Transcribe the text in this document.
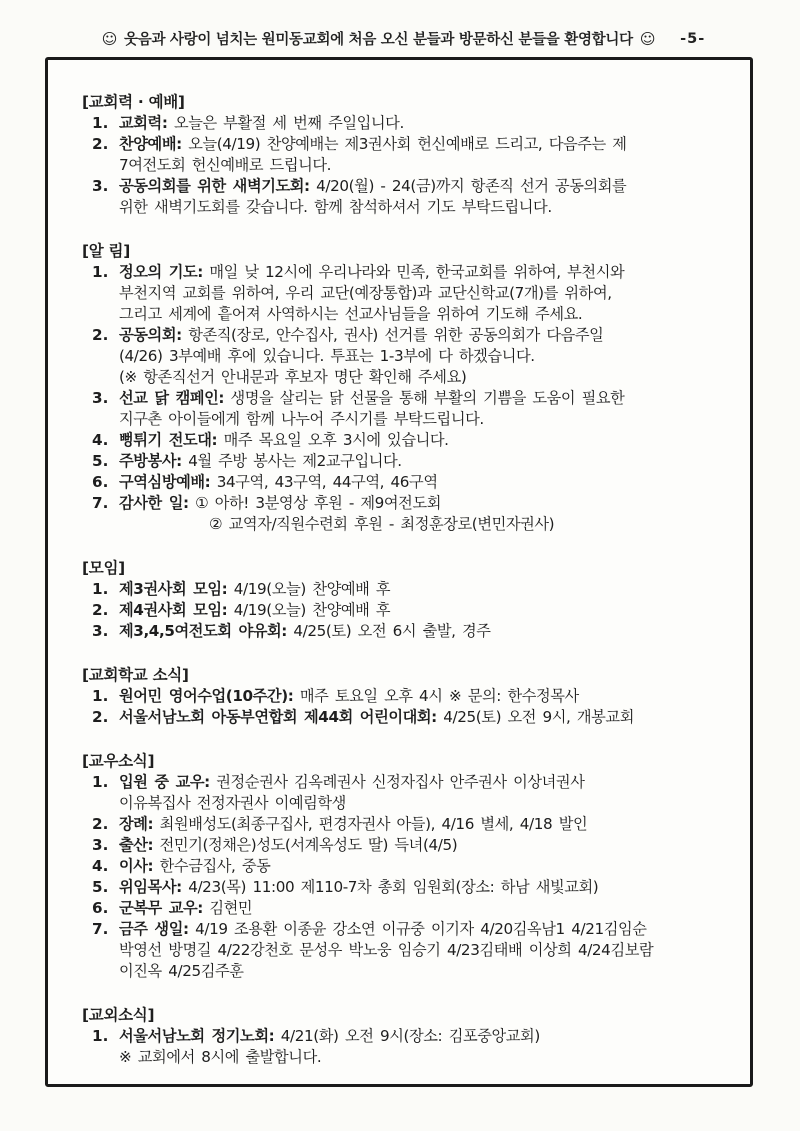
☺ 웃음과 사랑이 넘치는 원미동교회에 처음 오신 분들과 방문하신 분들을 환영합니다 ☺ -5-
[교회력 · 예배]
1. 교회력: 오늘은 부활절 세 번째 주일입니다.
2. 찬양예배: 오늘(4/19) 찬양예배는 제3권사회 헌신예배로 드리고, 다음주는 제
7여전도회 헌신예배로 드립니다.
3. 공동의회를 위한 새벽기도회: 4/20(월) - 24(금)까지 항존직 선거 공동의회를
위한 새벽기도회를 갖습니다. 함께 참석하셔서 기도 부탁드립니다.
[알 림]
1. 정오의 기도: 매일 낮 12시에 우리나라와 민족, 한국교회를 위하여, 부천시와
부천지역 교회를 위하여, 우리 교단(예장통합)과 교단신학교(7개)를 위하여,
그리고 세계에 흩어져 사역하시는 선교사님들을 위하여 기도해 주세요.
2. 공동의회: 항존직(장로, 안수집사, 권사) 선거를 위한 공동의회가 다음주일
(4/26) 3부예배 후에 있습니다. 투표는 1-3부에 다 하겠습니다.
(※ 항존직선거 안내문과 후보자 명단 확인해 주세요)
3. 선교 닭 캠페인: 생명을 살리는 닭 선물을 통해 부활의 기쁨을 도움이 필요한
지구촌 아이들에게 함께 나누어 주시기를 부탁드립니다.
4. 뻥튀기 전도대: 매주 목요일 오후 3시에 있습니다.
5. 주방봉사: 4월 주방 봉사는 제2교구입니다.
6. 구역심방예배: 34구역, 43구역, 44구역, 46구역
7. 감사한 일: ① 아하! 3분영상 후원 - 제9여전도회
② 교역자/직원수련회 후원 - 최정훈장로(변민자권사)
[모임]
1. 제3권사회 모임: 4/19(오늘) 찬양예배 후
2. 제4권사회 모임: 4/19(오늘) 찬양예배 후
3. 제3,4,5여전도회 야유회: 4/25(토) 오전 6시 출발, 경주
[교회학교 소식]
1. 원어민 영어수업(10주간): 매주 토요일 오후 4시 ※ 문의: 한수정목사
2. 서울서남노회 아동부연합회 제44회 어린이대회: 4/25(토) 오전 9시, 개봉교회
[교우소식]
1. 입원 중 교우: 권정순권사 김옥례권사 신정자집사 안주권사 이상녀권사
이유복집사 전정자권사 이예림학생
2. 장례: 최원배성도(최종구집사, 편경자권사 아들), 4/16 별세, 4/18 발인
3. 출산: 전민기(정채은)성도(서계옥성도 딸) 득녀(4/5)
4. 이사: 한수금집사, 중동
5. 위임목사: 4/23(목) 11:00 제110-7차 총회 임원회(장소: 하남 새빛교회)
6. 군복무 교우: 김현민
7. 금주 생일: 4/19 조용환 이종윤 강소연 이규중 이기자 4/20김옥남1 4/21김임순
박영선 방명길 4/22강천호 문성우 박노웅 임승기 4/23김태배 이상희 4/24김보람
이진옥 4/25김주훈
[교외소식]
1. 서울서남노회 정기노회: 4/21(화) 오전 9시(장소: 김포중앙교회)
※ 교회에서 8시에 출발합니다.
